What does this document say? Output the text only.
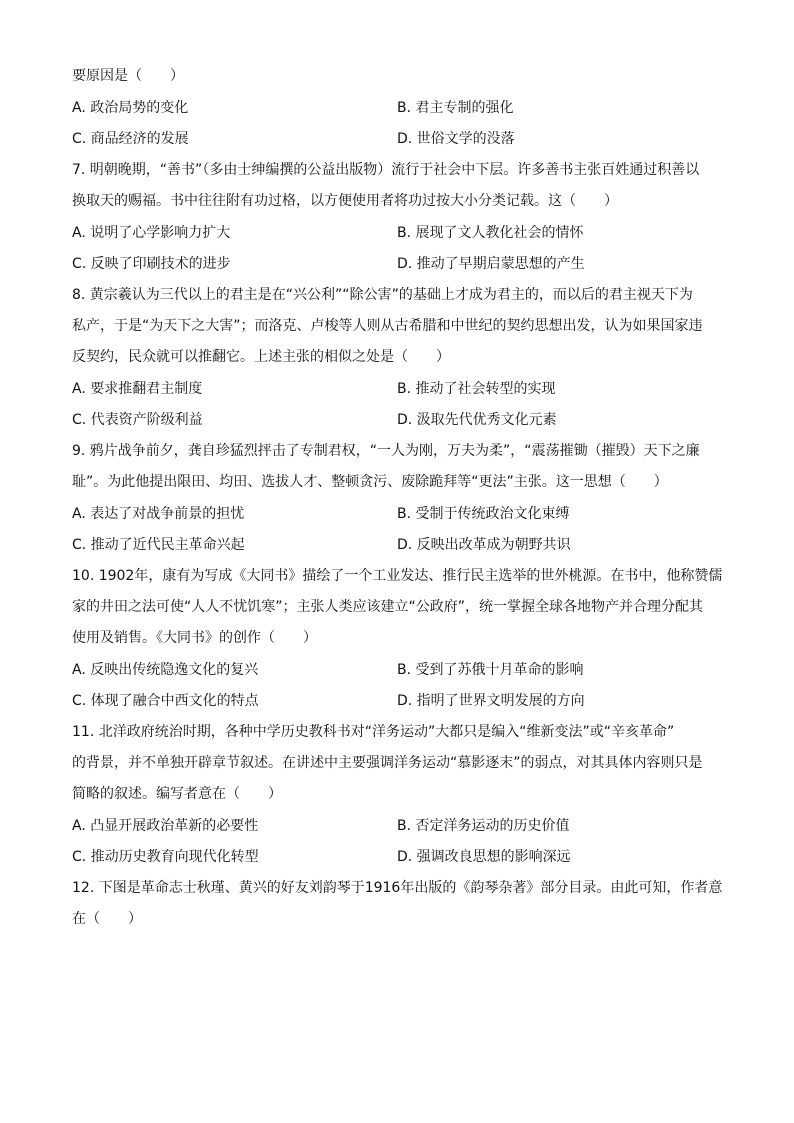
要原因是（　　）
A. 政治局势的变化	B. 君主专制的强化
C. 商品经济的发展	D. 世俗文学的没落
7. 明朝晚期，“善书”（多由士绅编撰的公益出版物）流行于社会中下层。许多善书主张百姓通过积善以
换取天的赐福。书中往往附有功过格，以方便使用者将功过按大小分类记载。这（　　）
A. 说明了心学影响力扩大	B. 展现了文人教化社会的情怀
C. 反映了印刷技术的进步	D. 推动了早期启蒙思想的产生
8. 黄宗羲认为三代以上的君主是在“兴公利”“除公害”的基础上才成为君主的，而以后的君主视天下为
私产，于是“为天下之大害”；而洛克、卢梭等人则从古希腊和中世纪的契约思想出发，认为如果国家违
反契约，民众就可以推翻它。上述主张的相似之处是（　　）
A. 要求推翻君主制度	B. 推动了社会转型的实现
C. 代表资产阶级利益	D. 汲取先代优秀文化元素
9. 鸦片战争前夕，龚自珍猛烈抨击了专制君权，“一人为刚，万夫为柔”，“震荡摧锄（摧毁）天下之廉
耻”。为此他提出限田、均田、选拔人才、整顿贪污、废除跪拜等“更法”主张。这一思想（　　）
A. 表达了对战争前景的担忧	B. 受制于传统政治文化束缚
C. 推动了近代民主革命兴起	D. 反映出改革成为朝野共识
10. 1902年，康有为写成《大同书》描绘了一个工业发达、推行民主选举的世外桃源。在书中，他称赞儒
家的井田之法可使“人人不忧饥寒”；主张人类应该建立“公政府”，统一掌握全球各地物产并合理分配其
使用及销售。《大同书》的创作（　　）
A. 反映出传统隐逸文化的复兴	B. 受到了苏俄十月革命的影响
C. 体现了融合中西文化的特点	D. 指明了世界文明发展的方向
11. 北洋政府统治时期，各种中学历史教科书对“洋务运动”大都只是编入“维新变法”或“辛亥革命”
的背景，并不单独开辟章节叙述。在讲述中主要强调洋务运动“慕影逐末”的弱点，对其具体内容则只是
简略的叙述。编写者意在（　　）
A. 凸显开展政治革新的必要性	B. 否定洋务运动的历史价值
C. 推动历史教育向现代化转型	D. 强调改良思想的影响深远
12. 下图是革命志士秋瑾、黄兴的好友刘韵琴于1916年出版的《韵琴杂著》部分目录。由此可知，作者意
在（　　）
